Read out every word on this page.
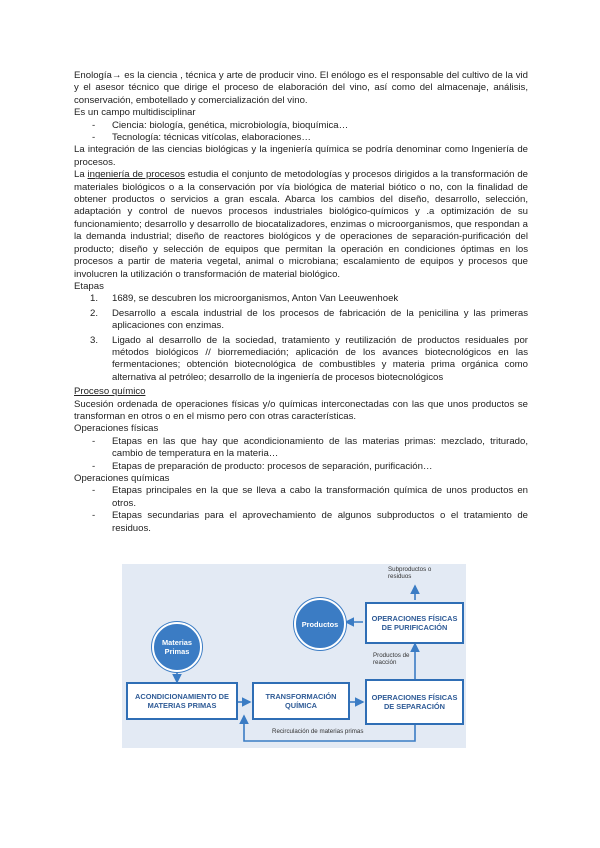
Enología→ es la ciencia , técnica y arte de producir vino. El enólogo es el responsable del cultivo de la vid y el asesor técnico que dirige el proceso de elaboración del vino, así como del almacenaje, análisis, conservación, embotellado y comercialización del vino.

Es un campo multidisciplinar

- Ciencia: biología, genética, microbiología, bioquímica…
- Tecnología: técnicas vitícolas, elaboraciones…

La integración de las ciencias biológicas y la ingeniería química se podría denominar como Ingeniería de procesos.

La ingeniería de procesos estudia el conjunto de metodologías y procesos dirigidos a la transformación de materiales biológicos o a la conservación por vía biológica de material biótico o no, con la finalidad de obtener productos o servicios a gran escala. Abarca los cambios del diseño, desarrollo, selección, adaptación y control de nuevos procesos industriales biológico-químicos y .a optimización de su funcionamiento; desarrollo y desarrollo de biocatalizadores, enzimas o microorganismos, que respondan a la demanda industrial; diseño de reactores biológicos y de operaciones de separación-purificación del producto; diseño y selección de equipos que permitan la operación en condiciones óptimas en los procesos a partir de materia vegetal, animal o microbiana; escalamiento de equipos y procesos que involucren la utilización o transformación de material biológico.

Etapas

1. 1689, se descubren los microorganismos, Anton Van Leeuwenhoek
2. Desarrollo a escala industrial de los procesos de fabricación de la penicilina y las primeras aplicaciones con enzimas.
3. Ligado al desarrollo de la sociedad, tratamiento y reutilización de productos residuales por métodos biológicos // biorremediación; aplicación de los avances biotecnológicos en las fermentaciones; obtención biotecnológica de combustibles y materia prima orgánica como alternativa al petróleo; desarrollo de la ingeniería de procesos biotecnológicos

Proceso químico

Sucesión ordenada de operaciones físicas y/o químicas interconectadas con las que unos productos se transforman en otros o en el mismo pero con otras características.

Operaciones físicas

- Etapas en las que hay que acondicionamiento de las materias primas: mezclado, triturado, cambio de temperatura en la materia…
- Etapas de preparación de producto: procesos de separación, purificación…

Operaciones químicas

- Etapas principales en la que se lleva a cabo la transformación química de unos productos en otros.
- Etapas secundarias para el aprovechamiento de algunos subproductos o el tratamiento de residuos.
Materias Primas
ACONDICIONAMIENTO DE MATERIAS PRIMAS
TRANSFORMACIÓN QUÍMICA
OPERACIONES FÍSICAS DE SEPARACIÓN
OPERACIONES FÍSICAS DE PURIFICACIÓN
Productos
Subproductos o residuos
Productos de reacción
Recirculación de materias primas
